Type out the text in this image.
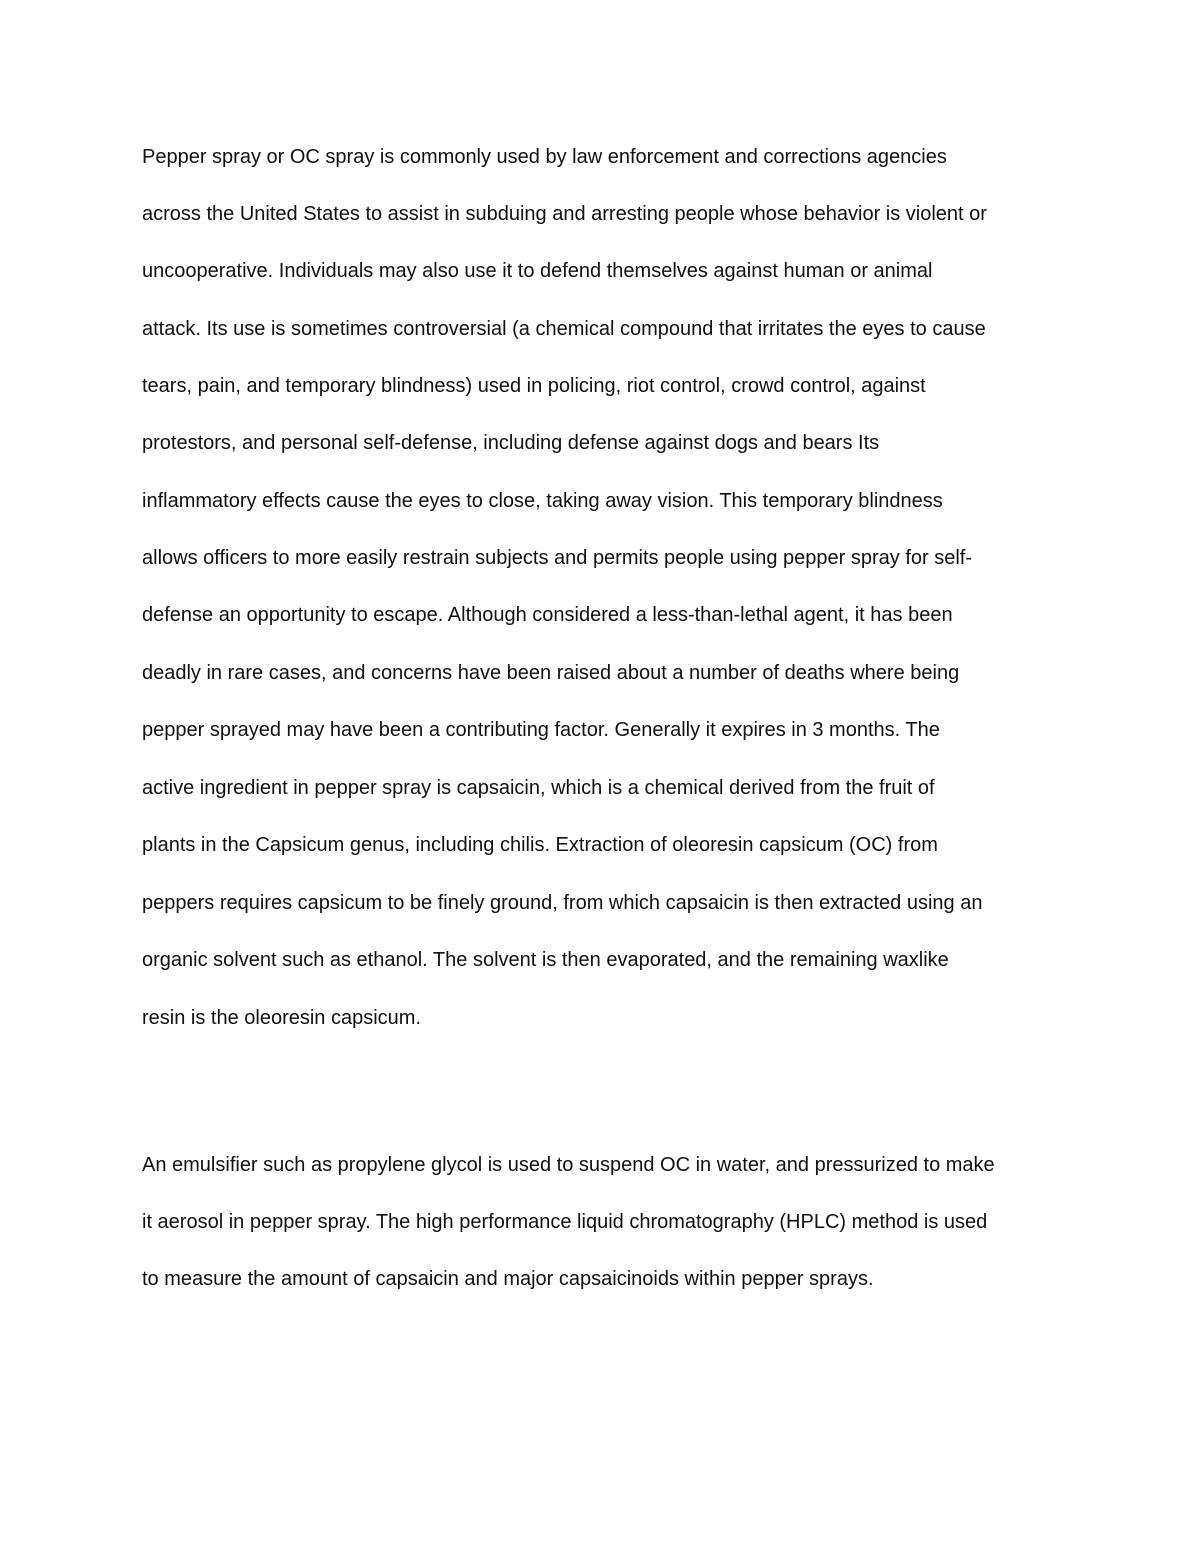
Pepper spray or OC spray is commonly used by law enforcement and corrections agencies

across the United States to assist in subduing and arresting people whose behavior is violent or

uncooperative. Individuals may also use it to defend themselves against human or animal

attack. Its use is sometimes controversial (a chemical compound that irritates the eyes to cause

tears, pain, and temporary blindness) used in policing, riot control, crowd control, against

protestors, and personal self-defense, including defense against dogs and bears Its

inflammatory effects cause the eyes to close, taking away vision. This temporary blindness

allows officers to more easily restrain subjects and permits people using pepper spray for self-

defense an opportunity to escape. Although considered a less-than-lethal agent, it has been

deadly in rare cases, and concerns have been raised about a number of deaths where being

pepper sprayed may have been a contributing factor. Generally it expires in 3 months. The

active ingredient in pepper spray is capsaicin, which is a chemical derived from the fruit of

plants in the Capsicum genus, including chilis. Extraction of oleoresin capsicum (OC) from

peppers requires capsicum to be finely ground, from which capsaicin is then extracted using an

organic solvent such as ethanol. The solvent is then evaporated, and the remaining waxlike

resin is the oleoresin capsicum.

An emulsifier such as propylene glycol is used to suspend OC in water, and pressurized to make

it aerosol in pepper spray. The high performance liquid chromatography (HPLC) method is used

to measure the amount of capsaicin and major capsaicinoids within pepper sprays.
